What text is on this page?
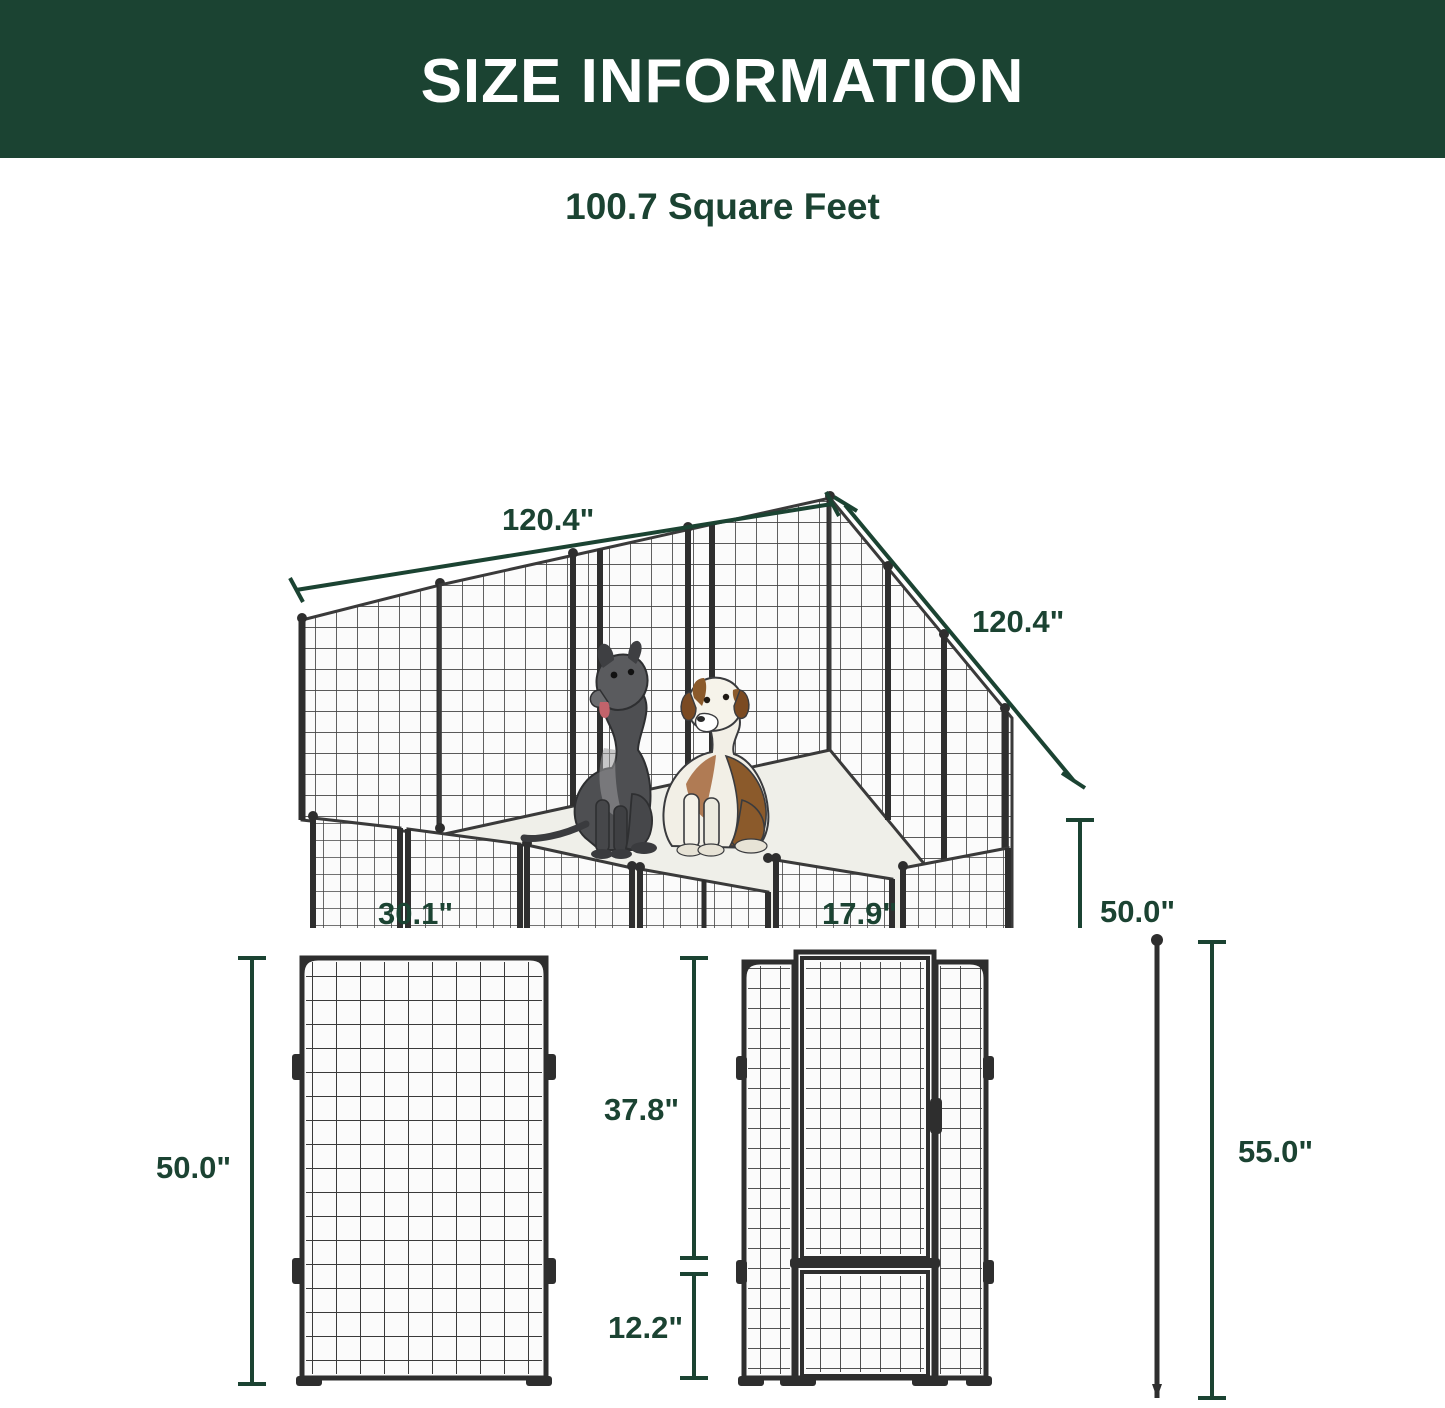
SIZE INFORMATION
100.7 Square Feet
120.4"
120.4"
50.0"
30.1"
50.0"
17.9"
37.8"
12.2"
55.0"
